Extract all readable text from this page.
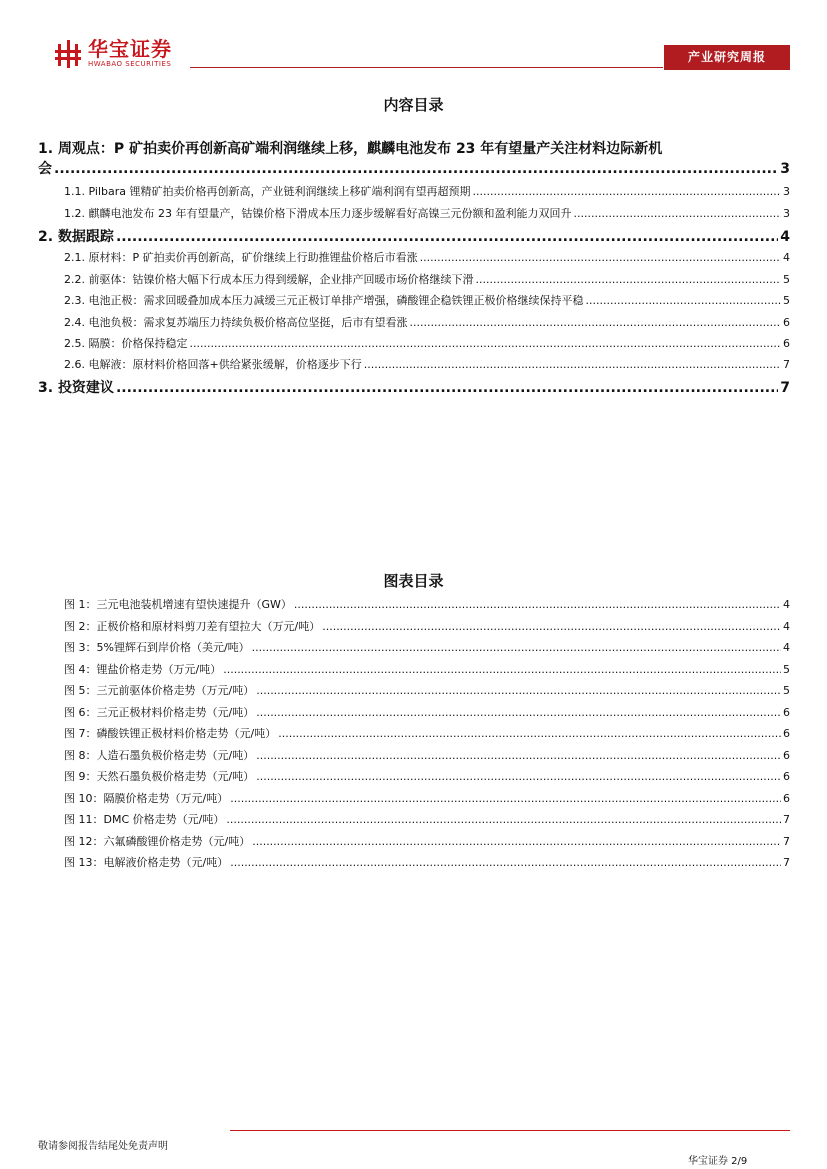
华宝证券
HWABAO SECURITIES	产业研究周报
内容目录
1. 周观点：P 矿拍卖价再创新高矿端利润继续上移，麒麟电池发布 23 年有望量产关注材料边际新机
会 .....	3
1.1. Pilbara 锂精矿拍卖价格再创新高，产业链利润继续上移矿端利润有望再超预期 .....	3
1.2. 麒麟电池发布 23 年有望量产，钴镍价格下滑成本压力逐步缓解看好高镍三元份额和盈利能力双回升 .....	3
2. 数据跟踪 .....	4
2.1. 原材料：P 矿拍卖价再创新高，矿价继续上行助推锂盐价格后市看涨 .....	4
2.2. 前驱体：钴镍价格大幅下行成本压力得到缓解，企业排产回暖市场价格继续下滑 .....	5
2.3. 电池正极：需求回暖叠加成本压力减缓三元正极订单排产增强，磷酸锂企稳铁锂正极价格继续保持平稳 .....	5
2.4. 电池负极：需求复苏端压力持续负极价格高位坚挺，后市有望看涨 .....	6
2.5. 隔膜：价格保持稳定 .....	6
2.6. 电解液：原材料价格回落+供给紧张缓解，价格逐步下行 .....	7
3. 投资建议 .....	7
图表目录
图 1：三元电池装机增速有望快速提升（GW） .....	4
图 2：正极价格和原材料剪刀差有望拉大（万元/吨） .....	4
图 3：5%锂辉石到岸价格（美元/吨） .....	4
图 4：锂盐价格走势（万元/吨） .....	5
图 5：三元前驱体价格走势（万元/吨） .....	5
图 6：三元正极材料价格走势（元/吨） .....	6
图 7：磷酸铁锂正极材料价格走势（元/吨） .....	6
图 8：人造石墨负极价格走势（元/吨） .....	6
图 9：天然石墨负极价格走势（元/吨） .....	6
图 10：隔膜价格走势（万元/吨） .....	6
图 11：DMC 价格走势（元/吨） .....	7
图 12：六氟磷酸锂价格走势（元/吨） .....	7
图 13：电解液价格走势（元/吨） .....	7
敬请参阅报告结尾处免责声明
华宝证券 2/9
